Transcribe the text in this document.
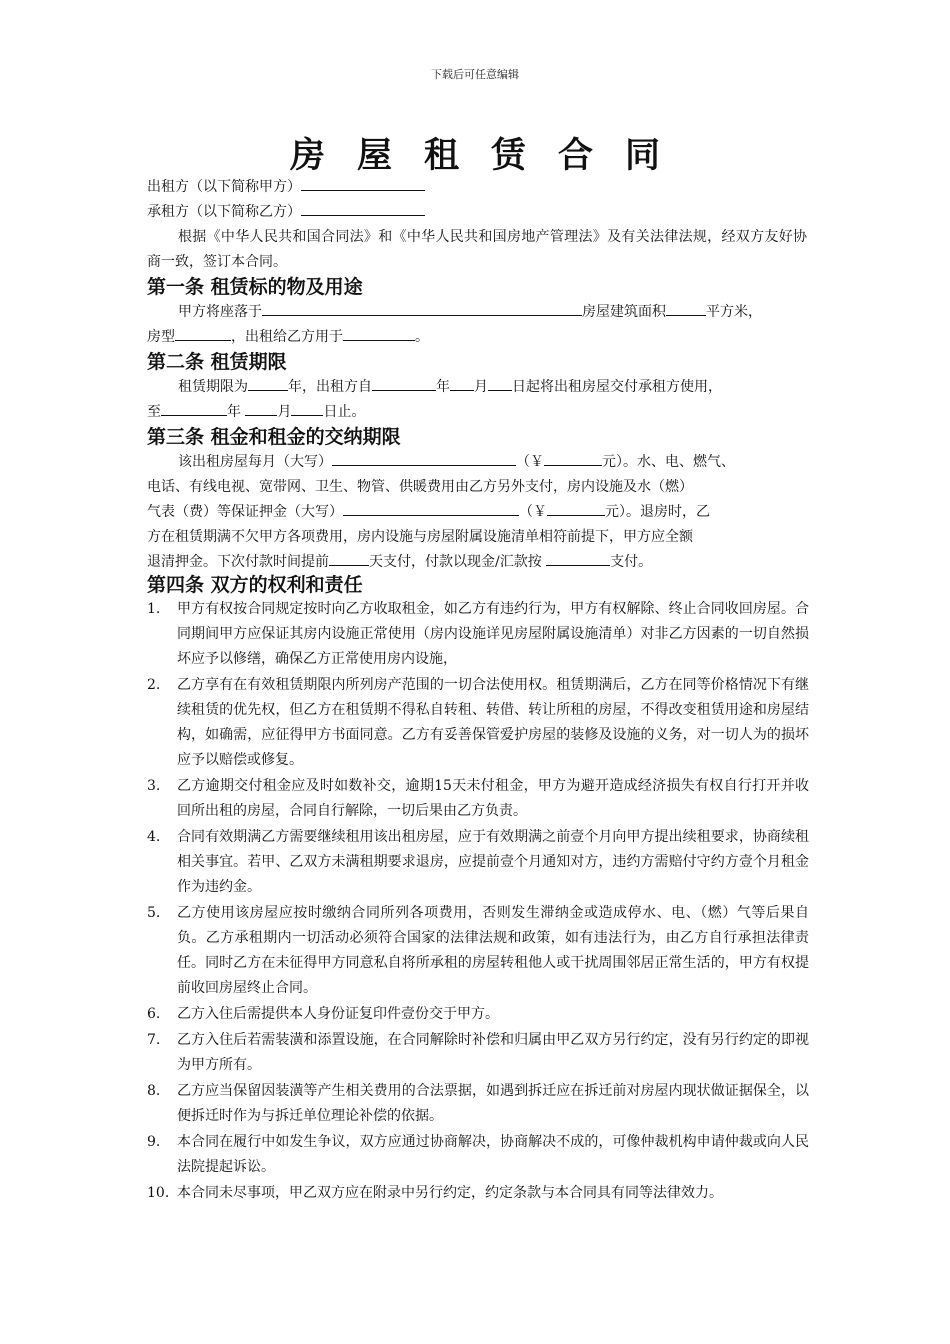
下载后可任意编辑
房屋租赁合同
出租方（以下简称甲方）
承租方（以下简称乙方）
根据《中华人民共和国合同法》和《中华人民共和国房地产管理法》及有关法律法规，经双方友好协商一致，签订本合同。
第一条 租赁标的物及用途
甲方将座落于	房屋建筑面积	平方米，
房型	，出租给乙方用于	。
第二条 租赁期限
租赁期限为	年，出租方自	年 月 日起将出租房屋交付承租方使用，
至	年 月 日止。
第三条 租金和租金的交纳期限
该出租房屋每月（大写）	（￥	元）。水、电、燃气、
电话、有线电视、宽带网、卫生、物管、供暖费用由乙方另外支付，房内设施及水（燃）
气表（费）等保证押金（大写）	（￥	元）。退房时，乙
方在租赁期满不欠甲方各项费用，房内设施与房屋附属设施清单相符前提下，甲方应全额
退清押金。下次付款时间提前	天支付，付款以现金/汇款按	支付。
第四条 双方的权利和责任
1.	甲方有权按合同规定按时向乙方收取租金，如乙方有违约行为，甲方有权解除、终止合同收回房屋。合同期间甲方应保证其房内设施正常使用（房内设施详见房屋附属设施清单）对非乙方因素的一切自然损坏应予以修缮，确保乙方正常使用房内设施，
2.	乙方享有在有效租赁期限内所列房产范围的一切合法使用权。租赁期满后，乙方在同等价格情况下有继续租赁的优先权，但乙方在租赁期不得私自转租、转借、转让所租的房屋，不得改变租赁用途和房屋结构，如确需，应征得甲方书面同意。乙方有妥善保管爱护房屋的装修及设施的义务，对一切人为的损坏应予以赔偿或修复。
3.	乙方逾期交付租金应及时如数补交，逾期15天未付租金，甲方为避开造成经济损失有权自行打开并收回所出租的房屋，合同自行解除，一切后果由乙方负责。
4.	合同有效期满乙方需要继续租用该出租房屋，应于有效期满之前壹个月向甲方提出续租要求，协商续租相关事宜。若甲、乙双方未满租期要求退房，应提前壹个月通知对方，违约方需赔付守约方壹个月租金作为违约金。
5.	乙方使用该房屋应按时缴纳合同所列各项费用，否则发生滞纳金或造成停水、电、（燃）气等后果自负。乙方承租期内一切活动必须符合国家的法律法规和政策，如有违法行为，由乙方自行承担法律责任。同时乙方在未征得甲方同意私自将所承租的房屋转租他人或干扰周围邻居正常生活的，甲方有权提前收回房屋终止合同。
6.	乙方入住后需提供本人身份证复印件壹份交于甲方。
7.	乙方入住后若需装潢和添置设施，在合同解除时补偿和归属由甲乙双方另行约定，没有另行约定的即视为甲方所有。
8.	乙方应当保留因装潢等产生相关费用的合法票据，如遇到拆迁应在拆迁前对房屋内现状做证据保全，以便拆迁时作为与拆迁单位理论补偿的依据。
9.	本合同在履行中如发生争议，双方应通过协商解决，协商解决不成的，可像仲裁机构申请仲裁或向人民法院提起诉讼。
10. 本合同未尽事项，甲乙双方应在附录中另行约定，约定条款与本合同具有同等法律效力。
